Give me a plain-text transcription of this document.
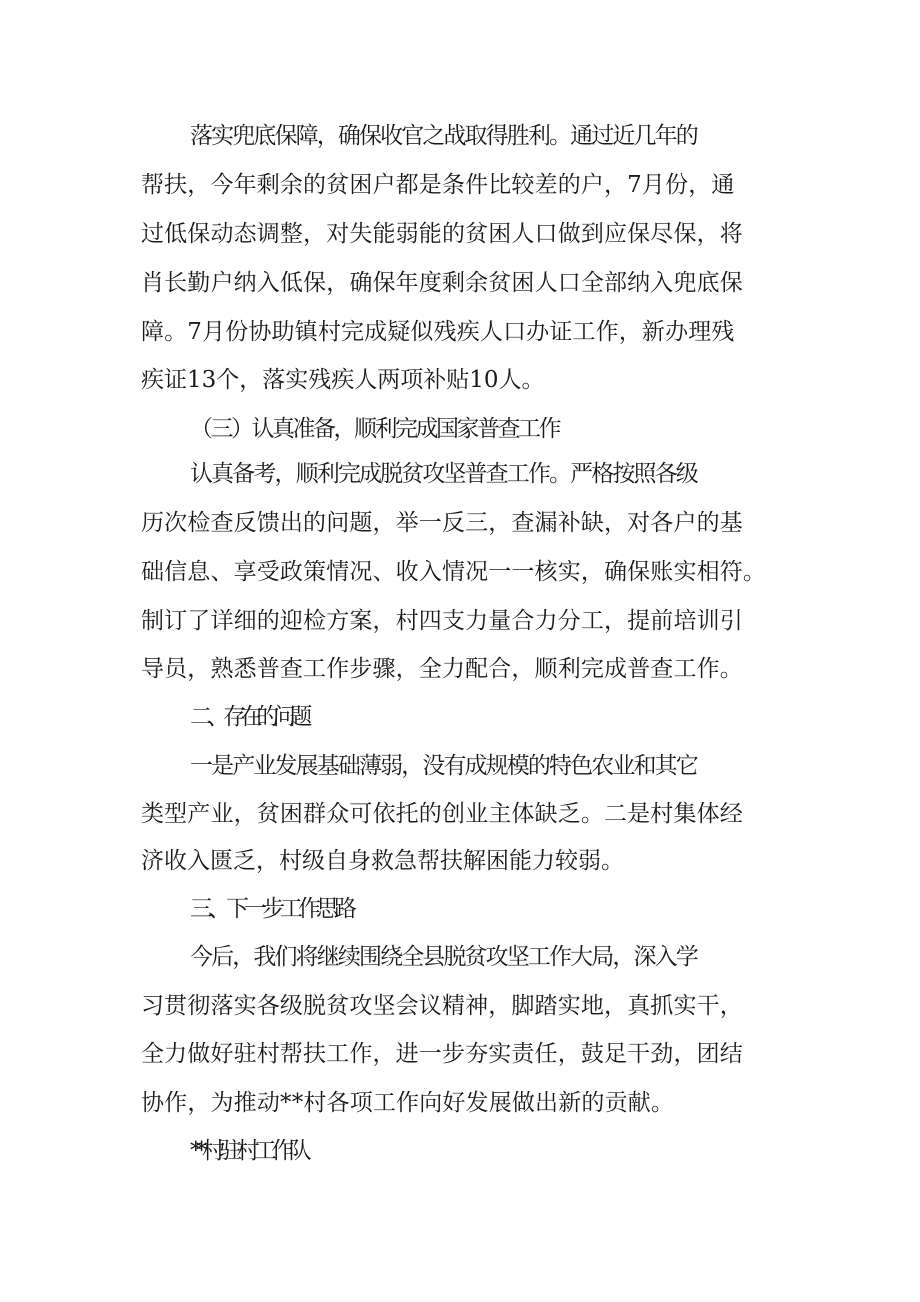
落实兜底保障，确保收官之战取得胜利。通过近几年的
帮扶，今年剩余的贫困户都是条件比较差的户，7月份，通
过低保动态调整，对失能弱能的贫困人口做到应保尽保，将
肖长勤户纳入低保，确保年度剩余贫困人口全部纳入兜底保
障。7月份协助镇村完成疑似残疾人口办证工作，新办理残
疾证13个，落实残疾人两项补贴10人。
（三）认真准备，顺利完成国家普查工作
认真备考，顺利完成脱贫攻坚普查工作。严格按照各级
历次检查反馈出的问题，举一反三，查漏补缺，对各户的基
础信息、享受政策情况、收入情况一一核实，确保账实相符。
制订了详细的迎检方案，村四支力量合力分工，提前培训引
导员，熟悉普查工作步骤，全力配合，顺利完成普查工作。
二、存在的问题
一是产业发展基础薄弱，没有成规模的特色农业和其它
类型产业，贫困群众可依托的创业主体缺乏。二是村集体经
济收入匮乏，村级自身救急帮扶解困能力较弱。
三、下一步工作思路
今后，我们将继续围绕全县脱贫攻坚工作大局，深入学
习贯彻落实各级脱贫攻坚会议精神，脚踏实地，真抓实干，
全力做好驻村帮扶工作，进一步夯实责任，鼓足干劲，团结
协作，为推动**村各项工作向好发展做出新的贡献。
**村驻村工作队
